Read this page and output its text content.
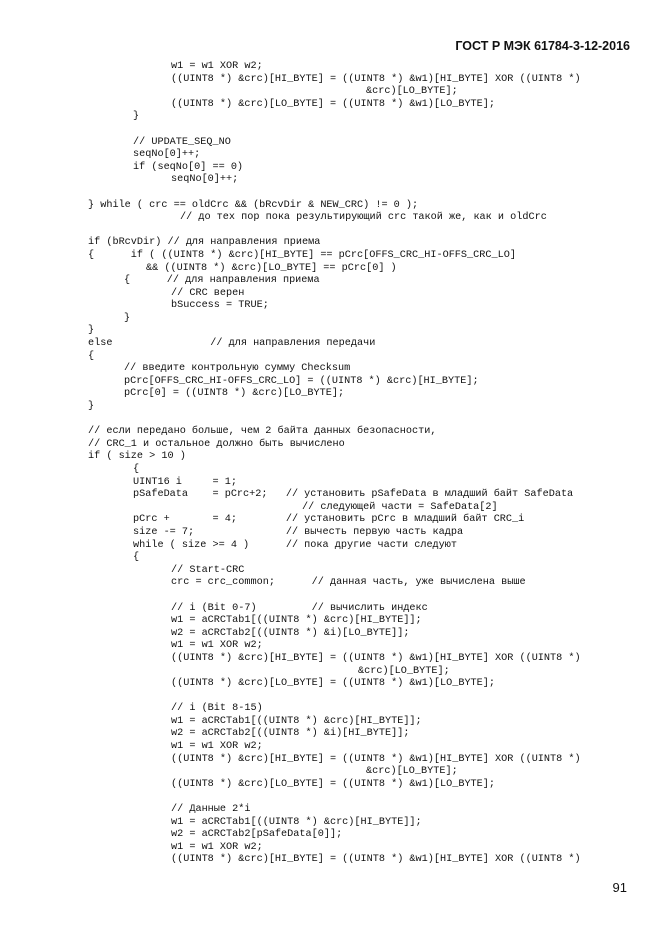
ГОСТ Р МЭК 61784-3-12-2016
w1 = w1 XOR w2;
((UINT8 *) &crc)[HI_BYTE] = ((UINT8 *) &w1)[HI_BYTE] XOR ((UINT8 *)
&crc)[LO_BYTE];
((UINT8 *) &crc)[LO_BYTE] = ((UINT8 *) &w1)[LO_BYTE];
}
// UPDATE_SEQ_NO
seqNo[0]++;
if (seqNo[0] == 0)
seqNo[0]++;
} while ( crc == oldCrc && (bRcvDir & NEW_CRC) != 0 );
// до тех пор пока результирующий crc такой же, как и oldCrc
if (bRcvDir) // для направления приема
{      if ( ((UINT8 *) &crc)[HI_BYTE] == pCrc[OFFS_CRC_HI-OFFS_CRC_LO]
&& ((UINT8 *) &crc)[LO_BYTE] == pCrc[0] )
{      // для направления приема
// CRC верен
bSuccess = TRUE;
}
}
else                // для направления передачи
{
// введите контрольную сумму Checksum
pCrc[OFFS_CRC_HI-OFFS_CRC_LO] = ((UINT8 *) &crc)[HI_BYTE];
pCrc[0] = ((UINT8 *) &crc)[LO_BYTE];
}
// если передано больше, чем 2 байта данных безопасности,
// CRC_1 и остальное должно быть вычислено
if ( size > 10 )
{
UINT16 i     = 1;
pSafeData    = pCrc+2;   // установить pSafeData в младший байт SafeData
// следующей части = SafeData[2]
pCrc +       = 4;        // установить pCrc в младший байт CRC_i
size -= 7;               // вычесть первую часть кадра
while ( size >= 4 )      // пока другие части следуют
{
// Start-CRC
crc = crc_common;      // данная часть, уже вычислена выше
// i (Bit 0-7)         // вычислить индекс
w1 = aCRCTab1[((UINT8 *) &crc)[HI_BYTE]];
w2 = aCRCTab2[((UINT8 *) &i)[LO_BYTE]];
w1 = w1 XOR w2;
((UINT8 *) &crc)[HI_BYTE] = ((UINT8 *) &w1)[HI_BYTE] XOR ((UINT8 *)
&crc)[LO_BYTE];
((UINT8 *) &crc)[LO_BYTE] = ((UINT8 *) &w1)[LO_BYTE];
// i (Bit 8-15)
w1 = aCRCTab1[((UINT8 *) &crc)[HI_BYTE]];
w2 = aCRCTab2[((UINT8 *) &i)[HI_BYTE]];
w1 = w1 XOR w2;
((UINT8 *) &crc)[HI_BYTE] = ((UINT8 *) &w1)[HI_BYTE] XOR ((UINT8 *)
&crc)[LO_BYTE];
((UINT8 *) &crc)[LO_BYTE] = ((UINT8 *) &w1)[LO_BYTE];
// Данные 2*i
w1 = aCRCTab1[((UINT8 *) &crc)[HI_BYTE]];
w2 = aCRCTab2[pSafeData[0]];
w1 = w1 XOR w2;
((UINT8 *) &crc)[HI_BYTE] = ((UINT8 *) &w1)[HI_BYTE] XOR ((UINT8 *)
91
